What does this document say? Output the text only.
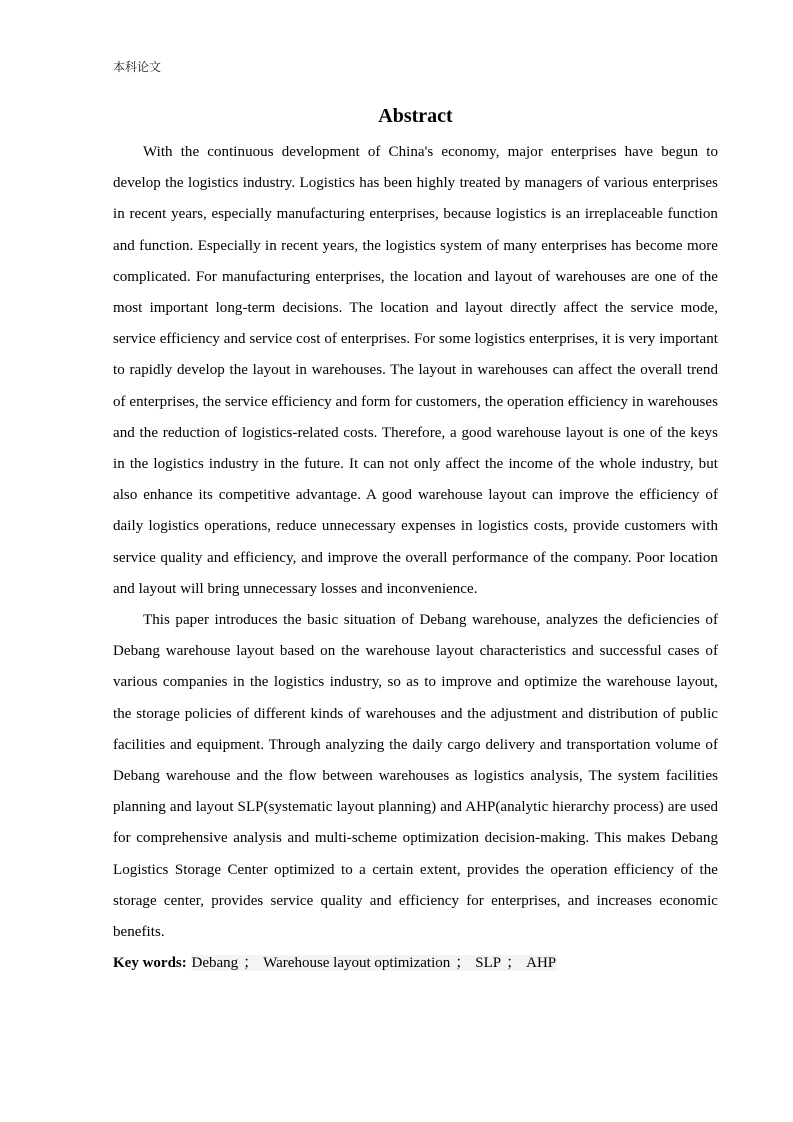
本科论文
Abstract

With the continuous development of China's economy, major enterprises have begun to develop the logistics industry. Logistics has been highly treated by managers of various enterprises in recent years, especially manufacturing enterprises, because logistics is an irreplaceable function and function. Especially in recent years, the logistics system of many enterprises has become more complicated. For manufacturing enterprises, the location and layout of warehouses are one of the most important long-term decisions. The location and layout directly affect the service mode, service efficiency and service cost of enterprises. For some logistics enterprises, it is very important to rapidly develop the layout in warehouses. The layout in warehouses can affect the overall trend of enterprises, the service efficiency and form for customers, the operation efficiency in warehouses and the reduction of logistics-related costs. Therefore, a good warehouse layout is one of the keys in the logistics industry in the future. It can not only affect the income of the whole industry, but also enhance its competitive advantage. A good warehouse layout can improve the efficiency of daily logistics operations, reduce unnecessary expenses in logistics costs, provide customers with service quality and efficiency, and improve the overall performance of the company. Poor location and layout will bring unnecessary losses and inconvenience.

This paper introduces the basic situation of Debang warehouse, analyzes the deficiencies of Debang warehouse layout based on the warehouse layout characteristics and successful cases of various companies in the logistics industry, so as to improve and optimize the warehouse layout, the storage policies of different kinds of warehouses and the adjustment and distribution of public facilities and equipment. Through analyzing the daily cargo delivery and transportation volume of Debang warehouse and the flow between warehouses as logistics analysis, The system facilities planning and layout SLP(systematic layout planning) and AHP(analytic hierarchy process) are used for comprehensive analysis and multi-scheme optimization decision-making. This makes Debang Logistics Storage Center optimized to a certain extent, provides the operation efficiency of the storage center, provides service quality and efficiency for enterprises, and increases economic benefits.

Key words: Debang ； Warehouse layout optimization ； SLP ； AHP
